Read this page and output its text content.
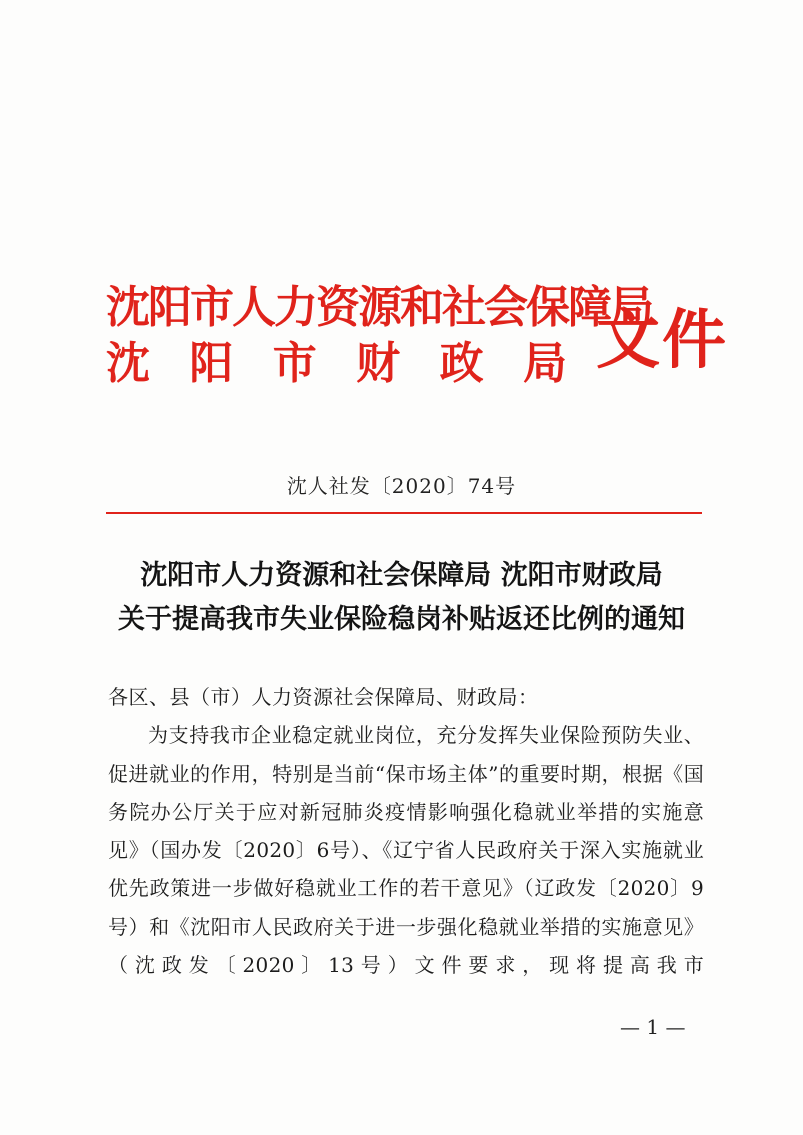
沈阳市人力资源和社会保障局
沈 阳 市 财 政 局 文件
沈人社发〔2020〕74号
沈阳市人力资源和社会保障局 沈阳市财政局
关于提高我市失业保险稳岗补贴返还比例的通知
各区、县（市）人力资源社会保障局、财政局：
为支持我市企业稳定就业岗位，充分发挥失业保险预防失业、促进就业的作用，特别是当前“保市场主体”的重要时期，根据《国务院办公厅关于应对新冠肺炎疫情影响强化稳就业举措的实施意见》（国办发〔2020〕6号）、《辽宁省人民政府关于深入实施就业优先政策进一步做好稳就业工作的若干意见》（辽政发〔2020〕9号）和《沈阳市人民政府关于进一步强化稳就业举措的实施意见》（沈政发〔2020〕13号）文件要求，现将提高我市
— 1 —
